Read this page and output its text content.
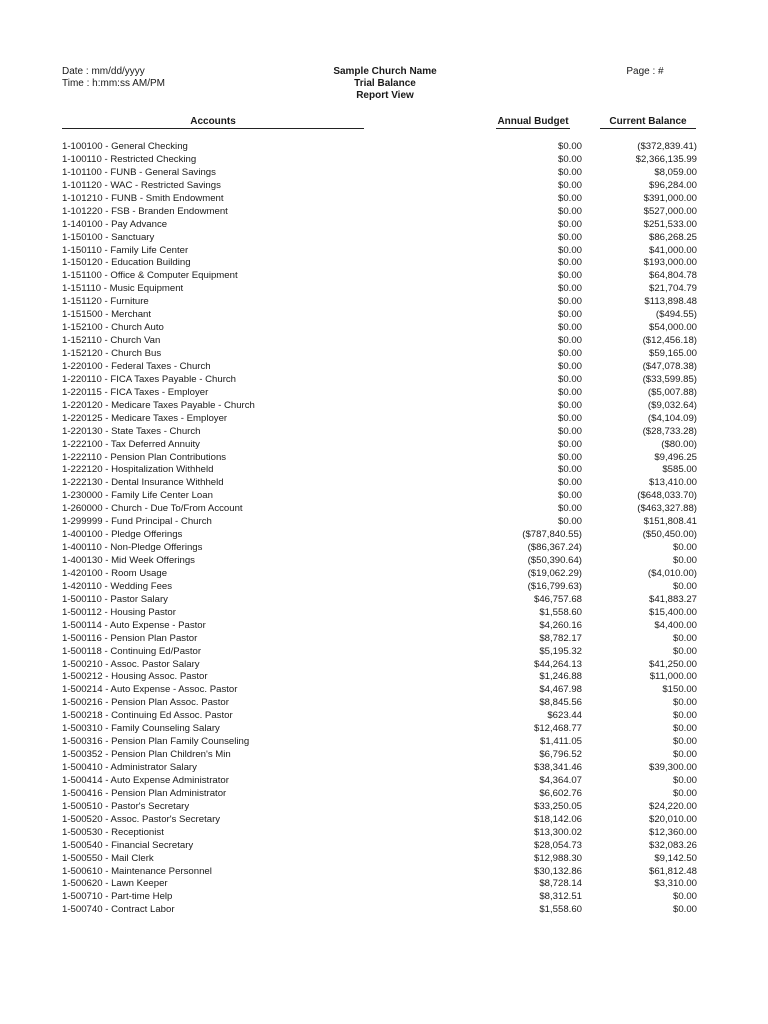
Date : mm/dd/yyyy
Time : h:mm:ss AM/PM
Sample Church Name
Trial Balance
Report View
Page : #
Accounts	Annual Budget	Current Balance
1-100100 - General Checking	$0.00	($372,839.41)
1-100110 - Restricted Checking	$0.00	$2,366,135.99
1-101100 - FUNB - General Savings	$0.00	$8,059.00
1-101120 - WAC - Restricted Savings	$0.00	$96,284.00
1-101210 - FUNB - Smith Endowment	$0.00	$391,000.00
1-101220 - FSB - Branden Endowment	$0.00	$527,000.00
1-140100 - Pay Advance	$0.00	$251,533.00
1-150100 - Sanctuary	$0.00	$86,268.25
1-150110 - Family Life Center	$0.00	$41,000.00
1-150120 - Education Building	$0.00	$193,000.00
1-151100 - Office & Computer Equipment	$0.00	$64,804.78
1-151110 - Music Equipment	$0.00	$21,704.79
1-151120 - Furniture	$0.00	$113,898.48
1-151500 - Merchant	$0.00	($494.55)
1-152100 - Church Auto	$0.00	$54,000.00
1-152110 - Church Van	$0.00	($12,456.18)
1-152120 - Church Bus	$0.00	$59,165.00
1-220100 - Federal Taxes - Church	$0.00	($47,078.38)
1-220110 - FICA Taxes Payable - Church	$0.00	($33,599.85)
1-220115 - FICA Taxes - Employer	$0.00	($5,007.88)
1-220120 - Medicare Taxes Payable - Church	$0.00	($9,032.64)
1-220125 - Medicare Taxes - Employer	$0.00	($4,104.09)
1-220130 - State Taxes - Church	$0.00	($28,733.28)
1-222100 - Tax Deferred Annuity	$0.00	($80.00)
1-222110 - Pension Plan Contributions	$0.00	$9,496.25
1-222120 - Hospitalization Withheld	$0.00	$585.00
1-222130 - Dental Insurance Withheld	$0.00	$13,410.00
1-230000 - Family Life Center Loan	$0.00	($648,033.70)
1-260000 - Church - Due To/From Account	$0.00	($463,327.88)
1-299999 - Fund Principal - Church	$0.00	$151,808.41
1-400100 - Pledge Offerings	($787,840.55)	($50,450.00)
1-400110 - Non-Pledge Offerings	($86,367.24)	$0.00
1-400130 - Mid Week Offerings	($50,390.64)	$0.00
1-420100 - Room Usage	($19,062.29)	($4,010.00)
1-420110 - Wedding Fees	($16,799.63)	$0.00
1-500110 - Pastor Salary	$46,757.68	$41,883.27
1-500112 - Housing Pastor	$1,558.60	$15,400.00
1-500114 - Auto Expense - Pastor	$4,260.16	$4,400.00
1-500116 - Pension Plan Pastor	$8,782.17	$0.00
1-500118 - Continuing Ed/Pastor	$5,195.32	$0.00
1-500210 - Assoc. Pastor Salary	$44,264.13	$41,250.00
1-500212 - Housing Assoc. Pastor	$1,246.88	$11,000.00
1-500214 - Auto Expense - Assoc. Pastor	$4,467.98	$150.00
1-500216 - Pension Plan Assoc. Pastor	$8,845.56	$0.00
1-500218 - Continuing Ed Assoc. Pastor	$623.44	$0.00
1-500310 - Family Counseling Salary	$12,468.77	$0.00
1-500316 - Pension Plan Family Counseling	$1,411.05	$0.00
1-500352 - Pension Plan Children's Min	$6,796.52	$0.00
1-500410 - Administrator Salary	$38,341.46	$39,300.00
1-500414 - Auto Expense Administrator	$4,364.07	$0.00
1-500416 - Pension Plan Administrator	$6,602.76	$0.00
1-500510 - Pastor's Secretary	$33,250.05	$24,220.00
1-500520 - Assoc. Pastor's Secretary	$18,142.06	$20,010.00
1-500530 - Receptionist	$13,300.02	$12,360.00
1-500540 - Financial Secretary	$28,054.73	$32,083.26
1-500550 - Mail Clerk	$12,988.30	$9,142.50
1-500610 - Maintenance Personnel	$30,132.86	$61,812.48
1-500620 - Lawn Keeper	$8,728.14	$3,310.00
1-500710 - Part-time Help	$8,312.51	$0.00
1-500740 - Contract Labor	$1,558.60	$0.00
